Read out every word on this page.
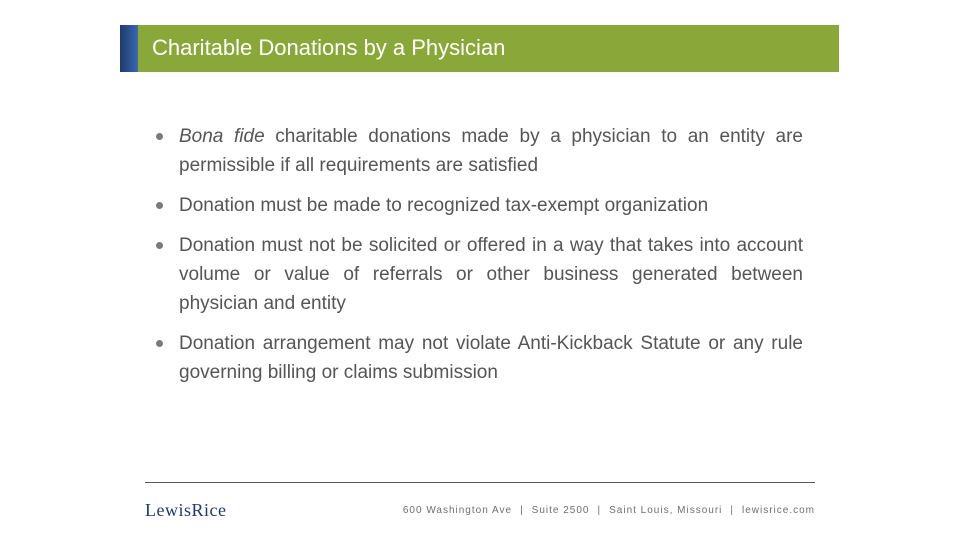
Charitable Donations by a Physician
Bona fide charitable donations made by a physician to an entity are permissible if all requirements are satisfied
Donation must be made to recognized tax-exempt organization
Donation must not be solicited or offered in a way that takes into account volume or value of referrals or other business generated between physician and entity
Donation arrangement may not violate Anti-Kickback Statute or any rule governing billing or claims submission
LewisRice	600 Washington Ave | Suite 2500 | Saint Louis, Missouri | lewisrice.com
